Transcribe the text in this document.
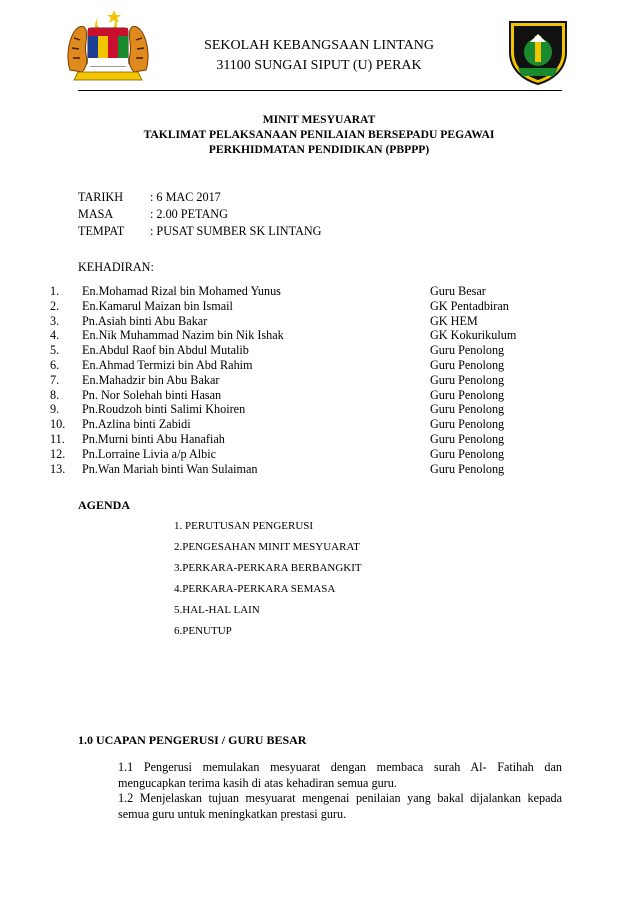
SEKOLAH KEBANGSAAN LINTANG
31100 SUNGAI SIPUT (U) PERAK
MINIT MESYUARAT
TAKLIMAT PELAKSANAAN PENILAIAN BERSEPADU PEGAWAI
PERKHIDMATAN PENDIDIKAN (PBPPP)
TARIKH : 6 MAC 2017
MASA	: 2.00 PETANG
TEMPAT : PUSAT SUMBER SK LINTANG
KEHADIRAN:
1. En.Mohamad Rizal bin Mohamed Yunus	Guru Besar
2. En.Kamarul Maizan bin Ismail	GK Pentadbiran
3. Pn.Asiah binti Abu Bakar	GK HEM
4. En.Nik Muhammad Nazim bin Nik Ishak	GK Kokurikulum
5. En.Abdul Raof bin Abdul Mutalib	Guru Penolong
6. En.Ahmad Termizi bin Abd Rahim	Guru Penolong
7. En.Mahadzir bin Abu Bakar	Guru Penolong
8. Pn. Nor Solehah binti Hasan	Guru Penolong
9. Pn.Roudzoh binti Salimi Khoiren	Guru Penolong
10. Pn.Azlina binti Zabidi	Guru Penolong
11. Pn.Murni binti Abu Hanafiah	Guru Penolong
12. Pn.Lorraine Livia a/p Albic	Guru Penolong
13. Pn.Wan Mariah binti Wan Sulaiman	Guru Penolong
AGENDA
1. PERUTUSAN PENGERUSI
2.PENGESAHAN MINIT MESYUARAT
3.PERKARA-PERKARA BERBANGKIT
4.PERKARA-PERKARA SEMASA
5.HAL-HAL LAIN
6.PENUTUP
1.0 UCAPAN PENGERUSI / GURU BESAR
1.1 Pengerusi memulakan mesyuarat dengan membaca surah Al- Fatihah dan mengucapkan terima kasih di atas kehadiran semua guru.
1.2 Menjelaskan tujuan mesyuarat mengenai penilaian yang bakal dijalankan kepada semua guru untuk meningkatkan prestasi guru.
